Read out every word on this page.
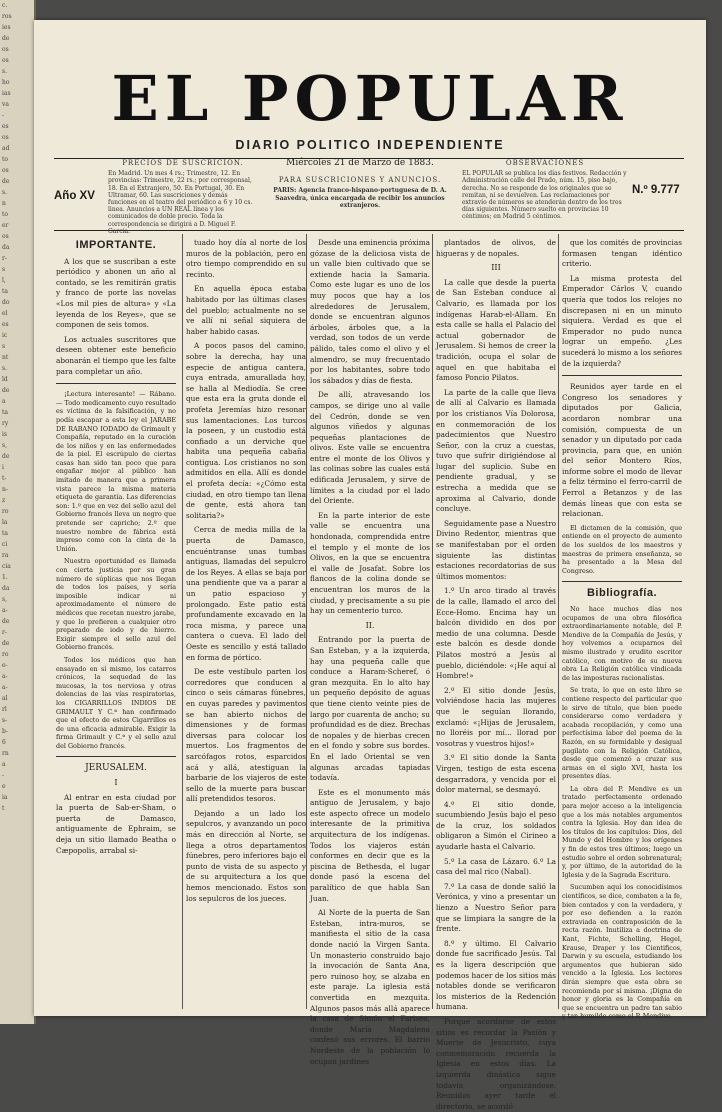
c.
ros
ies
de
os
os
s.
ho
ias
va
-
es
os
ad
to
os
de
s.
n
to
er
os
da
r-
s
l,
ta
do
el
es
ic
s
nt
s.
ld
de
a
ta
ry
is
s,
de
i
t-
n-
z
ro
la
ta
ci
ra
cia
1.
da
s,
a-
de
r-
de
ro
e-
a-
a-
al
rl
s-
b-
6
rn
a
-
e
ia
t
EL POPULAR
DIARIO POLITICO INDEPENDIENTE
Año XV
PRECIOS DE SUSCRICION.
En Madrid. Un mes 4 rs.; Trimestre, 12. En provincias: Trimestre, 22 rs.; por corresponsal, 18. En el Extranjero, 50. En Portugal, 30. En Ultramar, 60. Las suscriciones y demás funciones en el teatro del periódico a 6 y 10 cs. linea. Anuncios a UN REAL línea y los comunicados de doble precio. Toda la correspondencia se dirigirá a D. Miguel F. García.
Miércoles 21 de Marzo de 1883.
PARA SUSCRICIONES Y ANUNCIOS.
PARIS: Agencia franco-hispano-portuguesa de D. A. Saavedra, única encargada de recibir los anuncios extranjeros.
OBSERVACIONES
EL POPULAR se publica los días festivos. Redacción y Administración calle del Prado, núm. 15, piso bajo, derecha. No se responde de los originales que se remitan, ni se devuelven. Las reclamaciones por extravío de números se atenderán dentro de los tres días siguientes. Número suelto en provincias 10 céntimos; en Madrid 5 céntimos.
N.º 9.777
IMPORTANTE.

A los que se suscriban a este periódico y abonen un año al contado, se les remitirán gratis y franco de porte las novelas «Los mil pies de altura» y «La leyenda de los Reyes», que se componen de seis tomos.

Los actuales suscritores que deseen obtener este beneficio abonarán el tiempo que les falte para completar un año.

¡Lectura interesante! — Rábano. — Todo medicamento cuyo resultado es víctima de la falsificación, y no podía escapar a esta ley el JARABE DE RABANO IODADO de Grimault y Compañía, reputado en la curación de los niños y en las enfermedades de la piel. El escrúpulo de ciertas casas han sido tan poco que para engañar mejor al público han imitado de manera que a primera vista parece la misma materia etiqueta de garantía. Las diferencias son: 1.º que en vez del sello azul del Gobierno francés lleva un negro que pretende ser capricho; 2.º que nuestro nombre de fábrica está impreso como con la cinta de la Unión.

Nuestra oportunidad es llamada con cierta justicia por su gran número de súplicas que nos llegan de todos los países, y sería imposible indicar ni aproximadamente el número de médicos que recetan nuestro jarabe, y que lo prefieren a cualquier otro preparado de iodo y de hierro. Exigir siempre el sello azul del Gobierno francés.

Todos los médicos que han ensayado en sí mismo, los catarros crónicos, la sequedad de las mucosas, la tos nerviosa y otras dolencias de las vías respiratorias, los CIGARRILLOS INDIOS DE GRIMAULT Y C.ª han confirmado que el efecto de estos Cigarrillos es de una eficacia admirable. Exigir la firma Grimault y C.ª y el sello azul del Gobierno francés.

JERUSALEM.
I

Al entrar en esta ciudad por la puerta de Sab-er-Sham, o puerta de Damasco, antiguamente de Ephraim, se deja un sitio llamado Beatha o Cæpopolis, arrabal si-

tuado hoy día al norte de los muros de la población, pero en otro tiempo comprendido en su recinto.

En aquella época estaba habitado por las últimas clases del pueblo; actualmente no se ve allí ni señal siquiera de haber habido casas.

A pocos pasos del camino, sobre la derecha, hay una especie de antigua cantera, cuya entrada, amurallada hoy, se halla al Mediodía. Se cree que esta era la gruta donde el profeta Jeremías hizo resonar sus lamentaciones. Los turcos la poseen, y un custodio está confiado a un derviche que habita una pequeña cabaña contigua. Los cristianos no son admitidos en ella. Allí es donde el profeta decía: «¿Cómo esta ciudad, en otro tiempo tan llena de gente, está ahora tan solitaria?»

Cerca de media milla de la puerta de Damasco, encuéntranse unas tumbas antiguas, llamadas del sepulcro de los Reyes. A ellas se baja por una pendiente que va a parar a un patio espacioso y prolongado. Este patio está profundamente excavado en la roca misma, y parece una cantera o cueva. El lado del Oeste es sencillo y está tallado en forma de pórtico.

De este vestíbulo parten los corredores que conducen a cinco o seis cámaras fúnebres, en cuyas paredes y pavimentos se han abierto nichos de dimensiones y de formas diversas para colocar los muertos. Los fragmentos de sarcófagos rotos, esparcidos acá y allá, atestiguan la barbarie de los viajeros de este sello de la muerte para buscar allí pretendidos tesoros.

Dejando a un lado los sepulcros, y avanzando un poco más en dirección al Norte, se llega a otros departamentos fúnebres, pero inferiores bajo el punto de vista de su aspecto y de su arquitectura a los que hemos mencionado. Estos son los sepulcros de los jueces.

Desde una eminencia próxima gózase de la deliciosa vista de un valle bien cultivado que se extiende hacia la Samaria. Como este lugar es uno de los muy pocos que hay a los alrededores de Jerusalem, donde se encuentran algunos árboles, árboles que, a la verdad, son todos de un verde pálido, tales como el olivo y el almendro, se muy frecuentado por los habitantes, sobre todo los sábados y días de fiesta.

De allí, atravesando los campos, se dirige uno al valle del Cedrón, donde se ven algunos viñedos y algunas pequeñas plantaciones de olivos. Este valle se encuentra entre el monte de los Olivos y las colinas sobre las cuales está edificada Jerusalem, y sirve de límites a la ciudad por el lado del Oriente.

En la parte interior de este valle se encuentra una hondonada, comprendida entre el templo y el monte de los Olivos, en la que se encuentra el valle de Josafat. Sobre los flancos de la colina donde se encuentran los muros de la ciudad, y precisamente a su pie hay un cementerio turco.

II.

Entrando por la puerta de San Esteban, y a la izquierda, hay una pequeña calle que conduce a Haram-Scheref, ó gran mezquita. En lo alto hay un pequeño depósito de aguas que tiene ciento veinte pies de largo por cuarenta de ancho; su profundidad es de diez. Brechas de nopales y de hierbas crecen en el fondo y sobre sus bordes. En el lado Oriental se ven algunas arcadas tapiadas todavía.

Este es el monumento más antiguo de Jerusalem, y bajo este aspecto ofrece un modelo interesante de la primitiva arquitectura de los indígenas. Todos los viajeros están conformes en decir que es la piscina de Bethesda, el lugar donde pasó la escena del paralítico de que habla San Juan.

Al Norte de la puerta de San Esteban, intra-muros, se manifiesta el sitio de la casa donde nació la Virgen Santa. Un monasterio construido bajo la invocación de Santa Ana, pero ruinoso hoy, se alzaba en este paraje. La iglesia está convertida en mezquita. Algunos pasos más allá aparece la casa de Simón el Fariseo, donde María Magdalena confesó sus errores. El barrio Nordeste de la población lo ocupan jardines

plantados de olivos, de higueras y de nopales.

III

La calle que desde la puerta de San Esteban conduce al Calvario, es llamada por los indígenas Harab-el-Allam. En esta calle se halla el Palacio del actual gobernador de Jerusalem. Si hemos de creer la tradición, ocupa el solar de aquel en que habitaba el famoso Poncio Pilatos.

La parte de la calle que lleva de allí al Calvario es llamada por los cristianos Vía Dolorosa, en conmemoración de los padecimientos que Nuestro Señor, con la cruz a cuestas, tuvo que sufrir dirigiéndose al lugar del suplicio. Sube en pendiente gradual, y se estrecha a medida que se aproxima al Calvario, donde concluye.

Seguidamente pase a Nuestro Divino Redentor, mientras que se manifestaban por el orden siguiente las distintas estaciones recordatorias de sus últimos momentos:

1.º Un arco tirado al través de la calle, llamado el arco del Ecce-Homo. Encima hay un balcón dividido en dos por medio de una columna. Desde este balcón es desde donde Pilatos mostró a Jesús al pueblo, diciéndole: «¡He aquí al Hombre!»

2.º El sitio donde Jesús, volviéndose hacia las mujeres que le seguían llorando, exclamó: «¡Hijas de Jerusalem, no lloréis por mí... llorad por vosotras y vuestros hijos!»

3.º El sitio donde la Santa Virgen, testigo de esta escena desgarradora, y vencida por el dolor maternal, se desmayó.

4.º El sitio donde, sucumbiendo Jesús bajo el peso de la cruz, los soldados obligaron a Simón el Cirineo a ayudarle hasta el Calvario.

5.º La casa de Lázaro. 6.º La casa del mal rico (Nabal).

7.º La casa de donde salió la Verónica, y vino a presentar un lienzo a Nuestro Señor para que se limpiara la sangre de la frente.

8.º y último. El Calvario donde fue sacrificado Jesús. Tal es la ligera descripción que podemos hacer de los sitios más notables donde se verificaron los misterios de la Redención humana.

Porque acordarse de estos sitios es recordar la Pasión y Muerte de Jesucristo, cuya conmemoración recuerda la Iglesia en estos días. La izquierda dinástica sigue todavía organizándose. Reunidos ayer tarde el directorio, se acordó

que los comités de provincias formasen tengan idéntico criterio.

La misma protesta del Emperador Cárlos V, cuando quería que todos los relojes no discrepasen ni en un minuto siquiera. Verdad es que el Emperador no pudo nunca lograr un empeño. ¿Les sucederá lo mismo a los señores de la izquierda?

Reunidos ayer tarde en el Congreso los senadores y diputados por Galicia, acordaron nombrar una comisión, compuesta de un senador y un diputado por cada provincia, para que, en unión del señor Montero Ríos, informe sobre el modo de llevar a feliz término el ferro-carril de Ferrol a Betanzos y de las demás líneas que con esta se relacionan.

El dictamen de la comisión, que entiende en el proyecto de aumento de los sueldos de los maestros y maestras de primera enseñanza, se ha presentado a la Mesa del Congreso.

Bibliografía.

No hace muchos días nos ocupamos de una obra filosófica extraordinariamente notable, del P. Mendive de la Compañía de Jesús, y hoy volvemos a ocuparnos del mismo ilustrado y erudito escritor católico, con motivo de su nueva obra La Religión católica vindicada de las imposturas racionalistas.

Se trata, lo que en este libro se contiene respecto del particular que le sirve de título, que bien puede considerarse como verdadera y acabada recopilación, y como una perfectísima labor del poema de la Razón, en su formidable y desigual pugilato con la Religión Católica, desde que comenzó a cruzar sus armas en el siglo XVI, hasta los presentes días.

La obra del P. Mendive es un tratado perfectamente ordenado para mejor acceso a la inteligencia que a los más notables argumentos contra la Iglesia. Hoy dan idea de los títulos de los capítulos: Dios, del Mundo y del Hombre y los orígenes y fin de estos tres últimos; luego un estudio sobre el orden sobrenatural; y, por último, de la autoridad de la Iglesia y de la Sagrada Escritura.

Sucumben aquí los conocidísimos científicos, se dice, combaten a la fe, bien contados y con la verdadera, y por eso defienden a la razón extraviada en contraposición de la recta razón. Inutiliza a doctrina de Kant, Fichte, Schelling, Hegel, Krause, Draper y los Cientificos, Darwin y su escuela, estudiando los argumentos que hubieran sido vencido a la Iglesia. Los lectores dirán siempre que esta obra se recomienda por sí misma. ¡Digna de honor y gloria es la Compañía en que se encuentra un padre tan sabio y tan humilde como el P. Mendive.
